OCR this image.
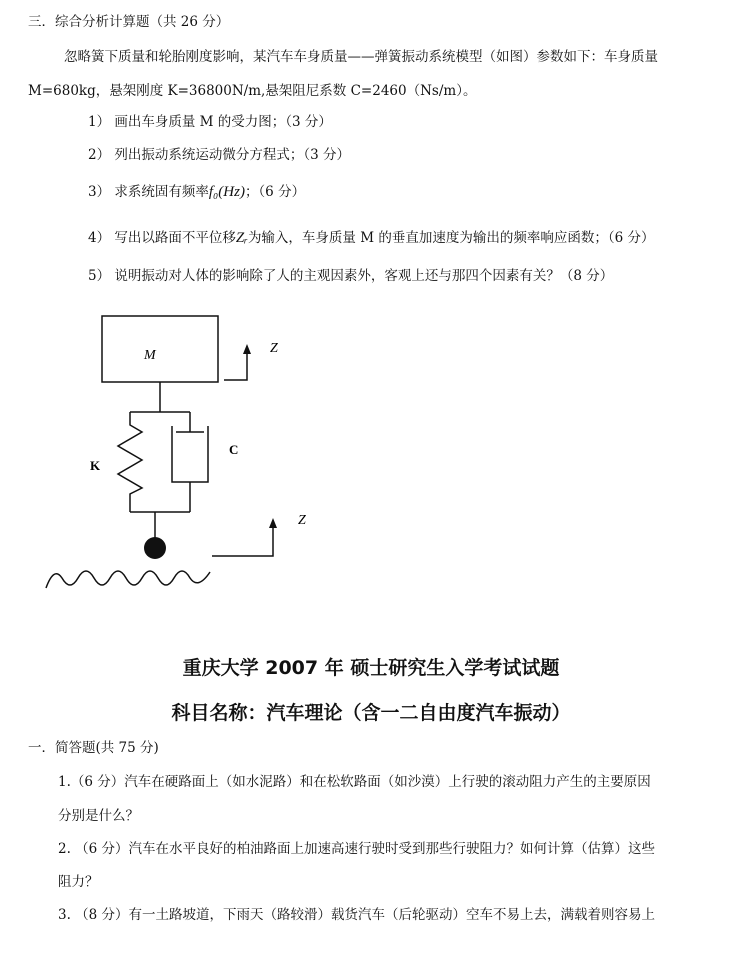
三．综合分析计算题（共 26 分）
忽略簧下质量和轮胎刚度影响，某汽车车身质量——弹簧振动系统模型（如图）参数如下：车身质量
M=680kg，悬架刚度 K=36800N/m,悬架阻尼系数 C=2460（Ns/m）。
1） 画出车身质量 M 的受力图；（3 分）
2） 列出振动系统运动微分方程式；（3 分）
3） 求系统固有频率f₀(Hz)；（6 分）
4） 写出以路面不平位移Zᵣ为输入，车身质量 M 的垂直加速度为输出的频率响应函数；（6 分）
5） 说明振动对人体的影响除了人的主观因素外，客观上还与那四个因素有关？（8 分）
M
K
C
Z
Z
重庆大学 2007 年 硕士研究生入学考试试题
科目名称：汽车理论（含一二自由度汽车振动）
一．简答题(共 75 分)
1.（6 分）汽车在硬路面上（如水泥路）和在松软路面（如沙漠）上行驶的滚动阻力产生的主要原因
分别是什么？
2. （6 分）汽车在水平良好的柏油路面上加速高速行驶时受到那些行驶阻力？如何计算（估算）这些
阻力？
3. （8 分）有一土路坡道，下雨天（路较滑）载货汽车（后轮驱动）空车不易上去，满载着则容易上
